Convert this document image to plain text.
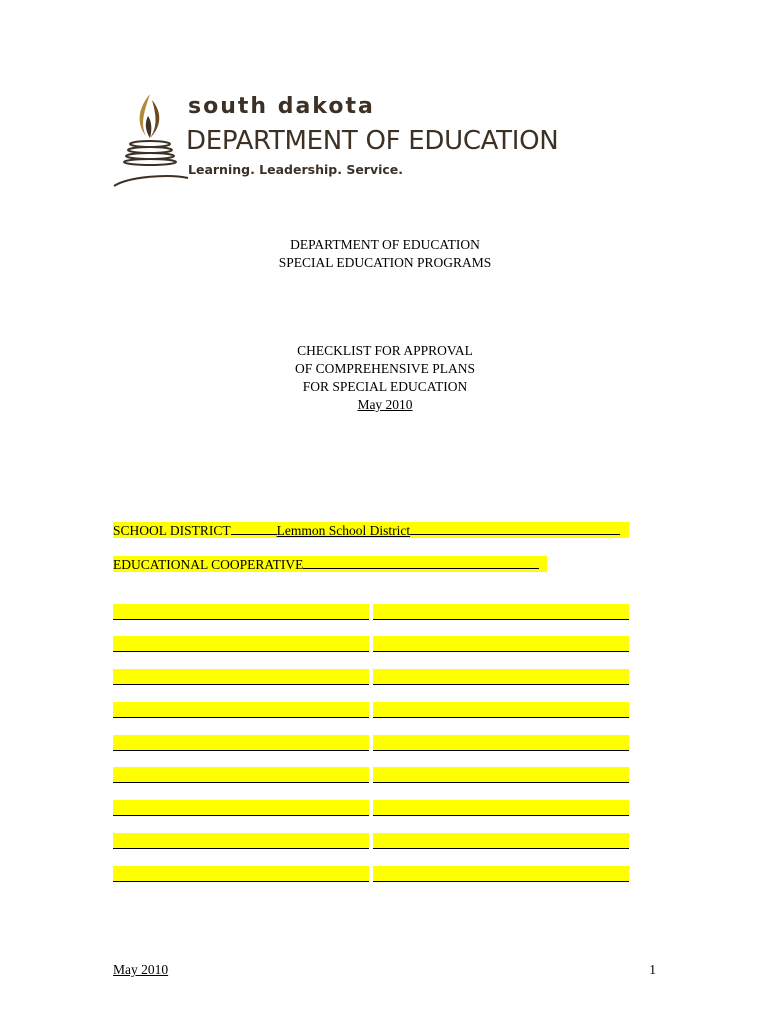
south dakota
DEPARTMENT OF EDUCATION
Learning. Leadership. Service.
DEPARTMENT OF EDUCATION
SPECIAL EDUCATION PROGRAMS
CHECKLIST FOR APPROVAL
OF COMPREHENSIVE PLANS
FOR SPECIAL EDUCATION
May 2010
SCHOOL DISTRICT	Lemmon School District
EDUCATIONAL COOPERATIVE
May 2010	1
